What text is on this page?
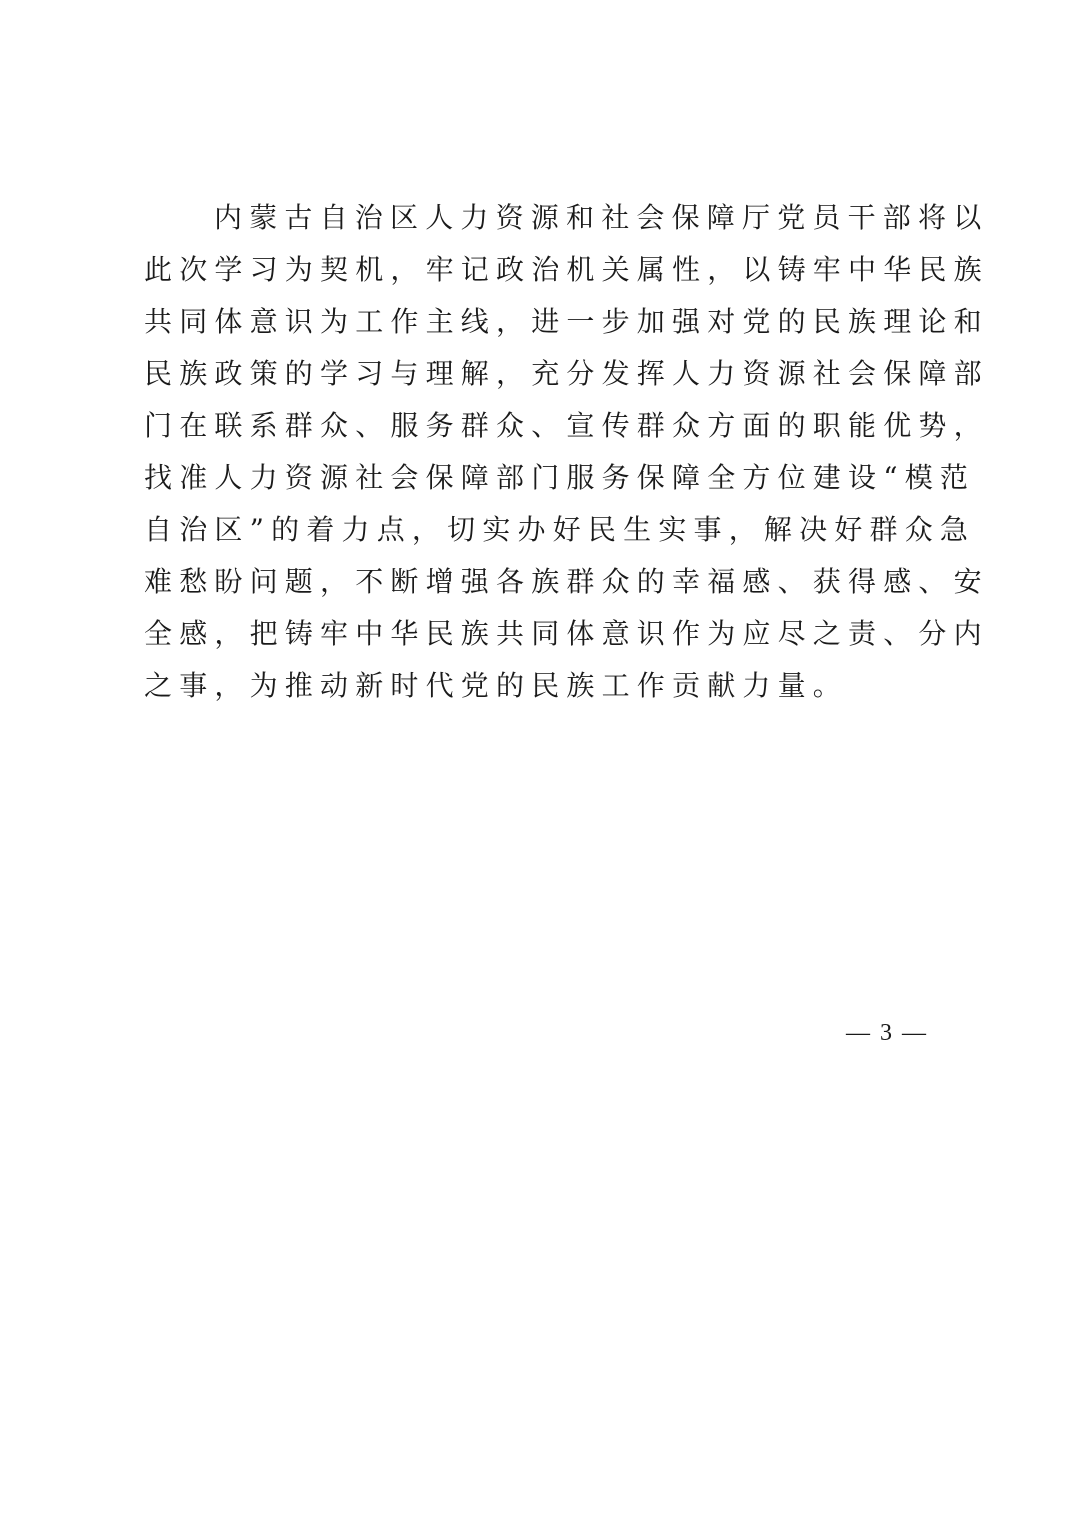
内蒙古自治区人力资源和社会保障厅党员干部将以
此次学习为契机，牢记政治机关属性，以铸牢中华民族
共同体意识为工作主线，进一步加强对党的民族理论和
民族政策的学习与理解，充分发挥人力资源社会保障部
门在联系群众、服务群众、宣传群众方面的职能优势，
找准人力资源社会保障部门服务保障全方位建设“模范
自治区”的着力点，切实办好民生实事，解决好群众急
难愁盼问题，不断增强各族群众的幸福感、获得感、安
全感，把铸牢中华民族共同体意识作为应尽之责、分内
之事，为推动新时代党的民族工作贡献力量。
— 3 —
